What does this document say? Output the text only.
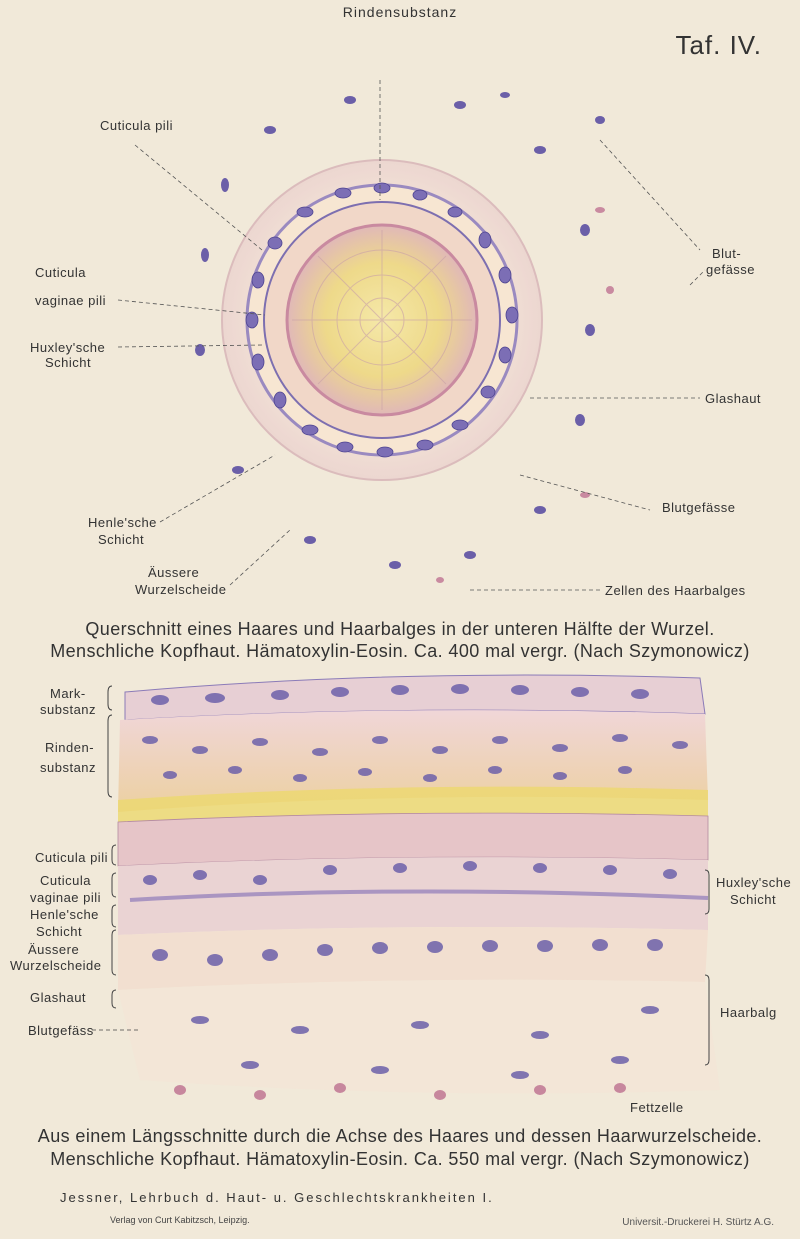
Rindensubstanz
Taf. IV.
Cuticula pili
Cuticula
vaginae pili
Huxley'sche
Schicht
Henle'sche
Schicht
Äussere
Wurzelscheide
Blut-
gefässe
Glashaut
Blutgefässe
Zellen des Haarbalges
Querschnitt eines Haares und Haarbalges in der unteren Hälfte der Wurzel.
Menschliche Kopfhaut. Hämatoxylin-Eosin. Ca. 400 mal vergr. (Nach Szymonowicz)
Mark-
substanz
Rinden-
substanz
Cuticula pili
Cuticula
vaginae pili
Henle'sche
Schicht
Äussere
Wurzelscheide
Glashaut
Blutgefäss
Huxley'sche
Schicht
Haarbalg
Fettzelle
Aus einem Längsschnitte durch die Achse des Haares und dessen Haarwurzelscheide.
Menschliche Kopfhaut. Hämatoxylin-Eosin. Ca. 550 mal vergr. (Nach Szymonowicz)
Jessner, Lehrbuch d. Haut- u. Geschlechtskrankheiten I.
Verlag von Curt Kabitzsch, Leipzig.	Universit.-Druckerei H. Stürtz A.G.
